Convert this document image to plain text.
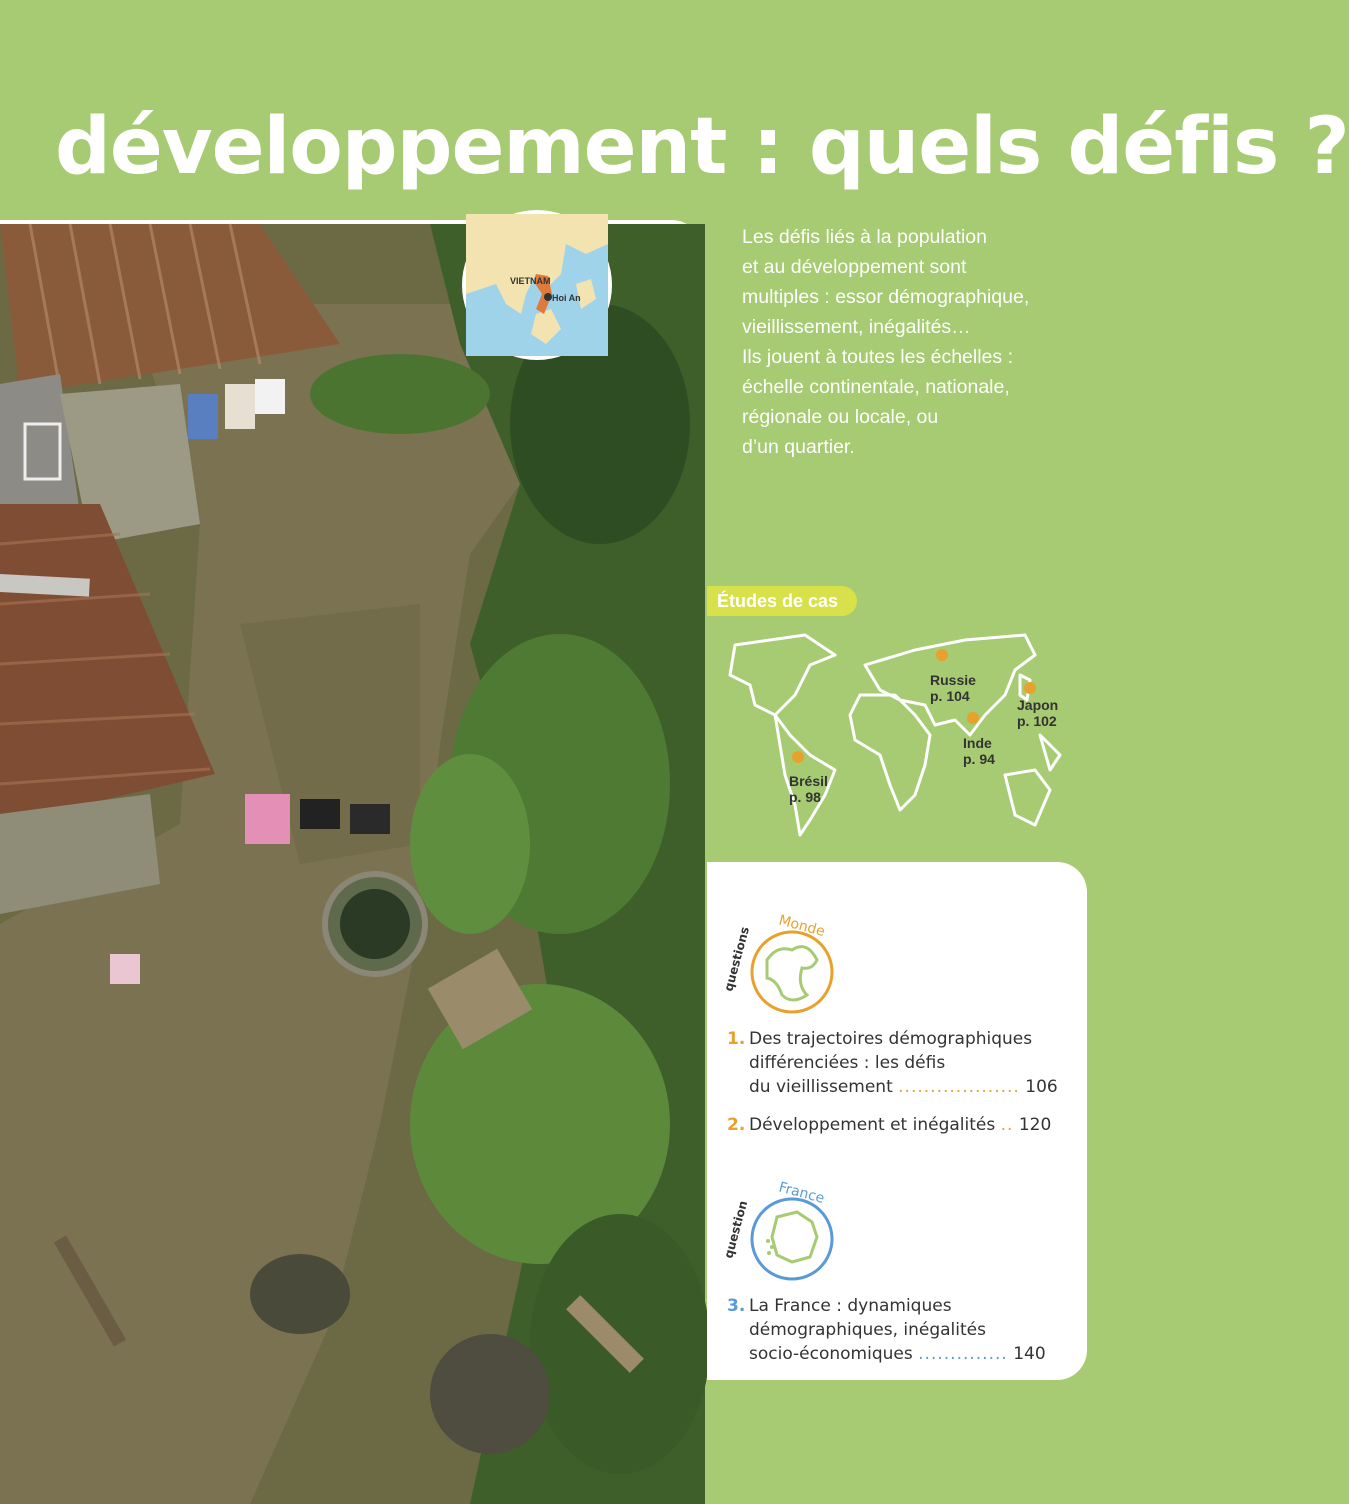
développement : quels défis ?
VIETNAM
Hoi An

Les défis liés à la population

et au développement sont

multiples : essor démographique,

vieillissement, inégalités…

Ils jouent à toutes les échelles :

échelle continentale, nationale,

régionale ou locale, ou

d’un quartier.

Études de cas
Russie
p. 104
Japon
p. 102
Inde
p. 94
Brésil
p. 98
questions Monde
1. Des trajectoires démographiques
différenciées : les défis
du vieillissement ................... 106
2. Développement et inégalités .. 120
question
France
3. La France : dynamiques
démographiques, inégalités
socio-économiques .............. 140
